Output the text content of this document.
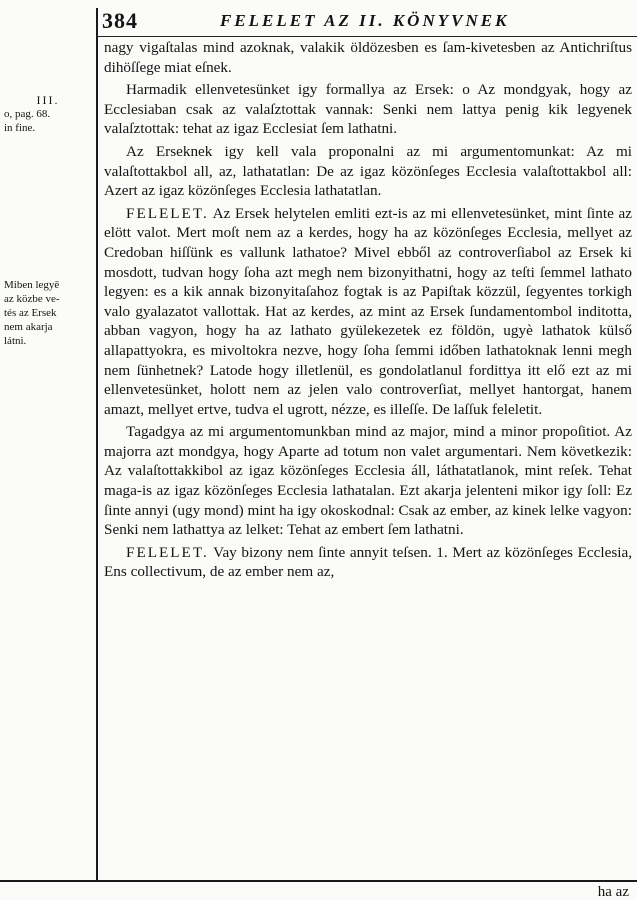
384	FELELET AZ II. KÖNYVNEK
III.
o, pag. 68.
in fine.
Miben legyē
az közbe ve-
tés az Ersek
nem akarja
látni.

nagy vigaſtalas mind azoknak, valakik öldözesben es ſam-kivetesben az Antichriſtus dihöſſege miat eſnek.

Harmadik ellenvetesünket igy formallya az Ersek: o Az mondgyak, hogy az Ecclesiaban csak az valaſztottak vannak: Senki nem lattya penig kik legyenek valaſztottak: tehat az igaz Ecclesiat ſem lathatni.

Az Erseknek igy kell vala proponalni az mi argumentomunkat: Az mi valaſtottakbol all, az, lathatatlan: De az igaz közönſeges Ecclesia valaſtottakbol all: Azert az igaz közönſeges Ecclesia lathatatlan.

FELELET. Az Ersek helytelen emliti ezt-is az mi ellenvetesünket, mint ſinte az elött valot. Mert moſt nem az a kerdes, hogy ha az közönſeges Ecclesia, mellyet az Credoban hiſſünk es vallunk lathatoe? Mivel ebből az controverſiabol az Ersek ki mosdott, tudvan hogy ſoha azt megh nem bizonyithatni, hogy az teſti ſemmel lathato legyen: es a kik annak bizonyitaſahoz fogtak is az Papiſtak közzül, ſegyentes torkigh valo gyalazatot vallottak. Hat az kerdes, az mint az Ersek ſundamentombol inditotta, abban vagyon, hogy ha az lathato gyülekezetek ez földön, ugyè lathatok külső allapattyokra, es mivoltokra nezve, hogy ſoha ſemmi időben lathatoknak lenni megh nem ſünhetnek? Latode hogy illetlenül, es gondolatlanul fordittya itt elő ezt az mi ellenvetesünket, holott nem az jelen valo controverſiat, mellyet hantorgat, hanem amazt, mellyet ertve, tudva el ugrott, nézze, es illeſſe. De laſſuk feleletit.

Tagadgya az mi argumentomunkban mind az major, mind a minor propoſitiot. Az majorra azt mondgya, hogy Aparte ad totum non valet argumentari. Nem következik: Az valaſtottakkibol az igaz közönſeges Ecclesia áll, láthatatlanok, mint reſek. Tehat maga-is az igaz közönſeges Ecclesia lathatalan. Ezt akarja jelenteni mikor igy ſoll: Ez ſinte annyi (ugy mond) mint ha igy okoskodnal: Csak az ember, az kinek lelke vagyon: Senki nem lathattya az lelket: Tehat az embert ſem lathatni.

FELELET. Vay bizony nem ſinte annyit teſsen. 1. Mert az közönſeges Ecclesia, Ens collectivum, de az ember nem az,

ha az
